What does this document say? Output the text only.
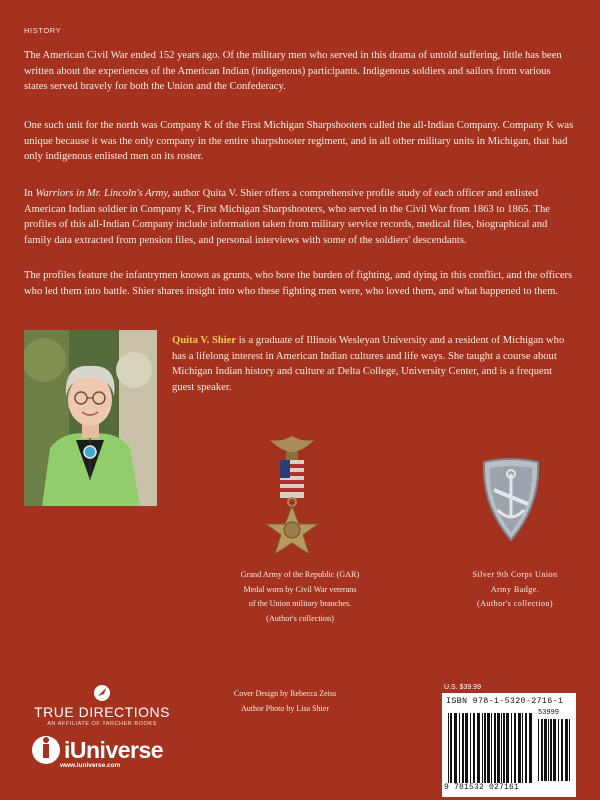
HISTORY

The American Civil War ended 152 years ago. Of the military men who served in this drama of untold suffering, little has been written about the experiences of the American Indian (indigenous) participants. Indigenous soldiers and sailors from various states served bravely for both the Union and the Confederacy.

One such unit for the north was Company K of the First Michigan Sharpshooters called the all-Indian Company. Company K was unique because it was the only company in the entire sharpshooter regiment, and in all other military units in Michigan, that had only indigenous enlisted men on its roster.

In Warriors in Mr. Lincoln's Army, author Quita V. Shier offers a comprehensive profile study of each officer and enlisted American Indian soldier in Company K, First Michigan Sharpshooters, who served in the Civil War from 1863 to 1865. The profiles of this all-Indian Company include information taken from military service records, medical files, biographical and family data extracted from pension files, and personal interviews with some of the soldiers' descendants.

The profiles feature the infantrymen known as grunts, who bore the burden of fighting, and dying in this conflict, and the officers who led them into battle. Shier shares insight into who these fighting men were, who loved them, and what happened to them.

Quita V. Shier is a graduate of Illinois Wesleyan University and a resident of Michigan who has a lifelong interest in American Indian cultures and life ways. She taught a course about Michigan Indian history and culture at Delta College, University Center, and is a frequent guest speaker.

Grand Army of the Republic (GAR)
Medal worn by Civil War veterans
of the Union military branches.
(Author's collection)

Silver 9th Corps Union
Army Badge.
(Author's collection)

Cover Design by Rebecca Zeiss
Author Photo by Lisa Shier

TRUE DIRECTIONS
AN AFFILIATE OF TARCHER BOOKS
iUniverse
www.iuniverse.com
U.S. $39.99
ISBN 978-1-5320-2716-1
53999
9 781532 027161
